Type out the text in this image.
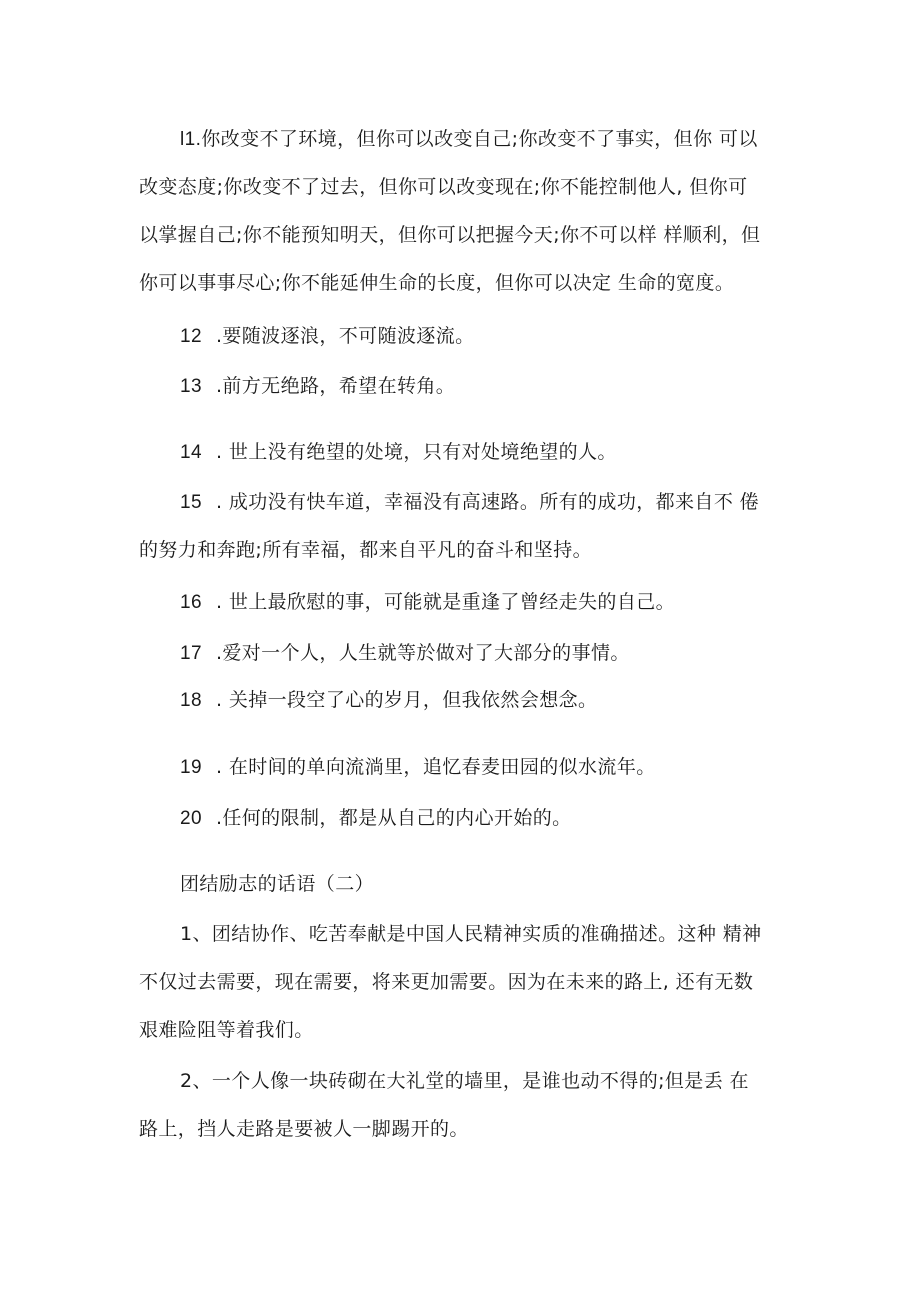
l1.你改变不了环境，但你可以改变自己;你改变不了事实，但你 可以
改变态度;你改变不了过去，但你可以改变现在;你不能控制他人, 但你可
以掌握自己;你不能预知明天，但你可以把握今天;你不可以样 样顺利，但
你可以事事尽心;你不能延伸生命的长度，但你可以决定 生命的宽度。
12 .要随波逐浪，不可随波逐流。
13 .前方无绝路，希望在转角。
14 . 世上没有绝望的处境，只有对处境绝望的人。
15 . 成功没有快车道，幸福没有高速路。所有的成功，都来自不 倦
的努力和奔跑;所有幸福，都来自平凡的奋斗和坚持。
16 . 世上最欣慰的事，可能就是重逢了曾经走失的自己。
17 .爱对一个人，人生就等於做对了大部分的事情。
18 . 关掉一段空了心的岁月，但我依然会想念。
19 . 在时间的单向流淌里，追忆春麦田园的似水流年。
20 .任何的限制，都是从自己的内心开始的。
团结励志的话语（二）
1、团结协作、吃苦奉献是中国人民精神实质的准确描述。这种 精神
不仅过去需要，现在需要，将来更加需要。因为在未来的路上, 还有无数
艰难险阻等着我们。
2、一个人像一块砖砌在大礼堂的墙里，是谁也动不得的;但是丢 在
路上，挡人走路是要被人一脚踢开的。
